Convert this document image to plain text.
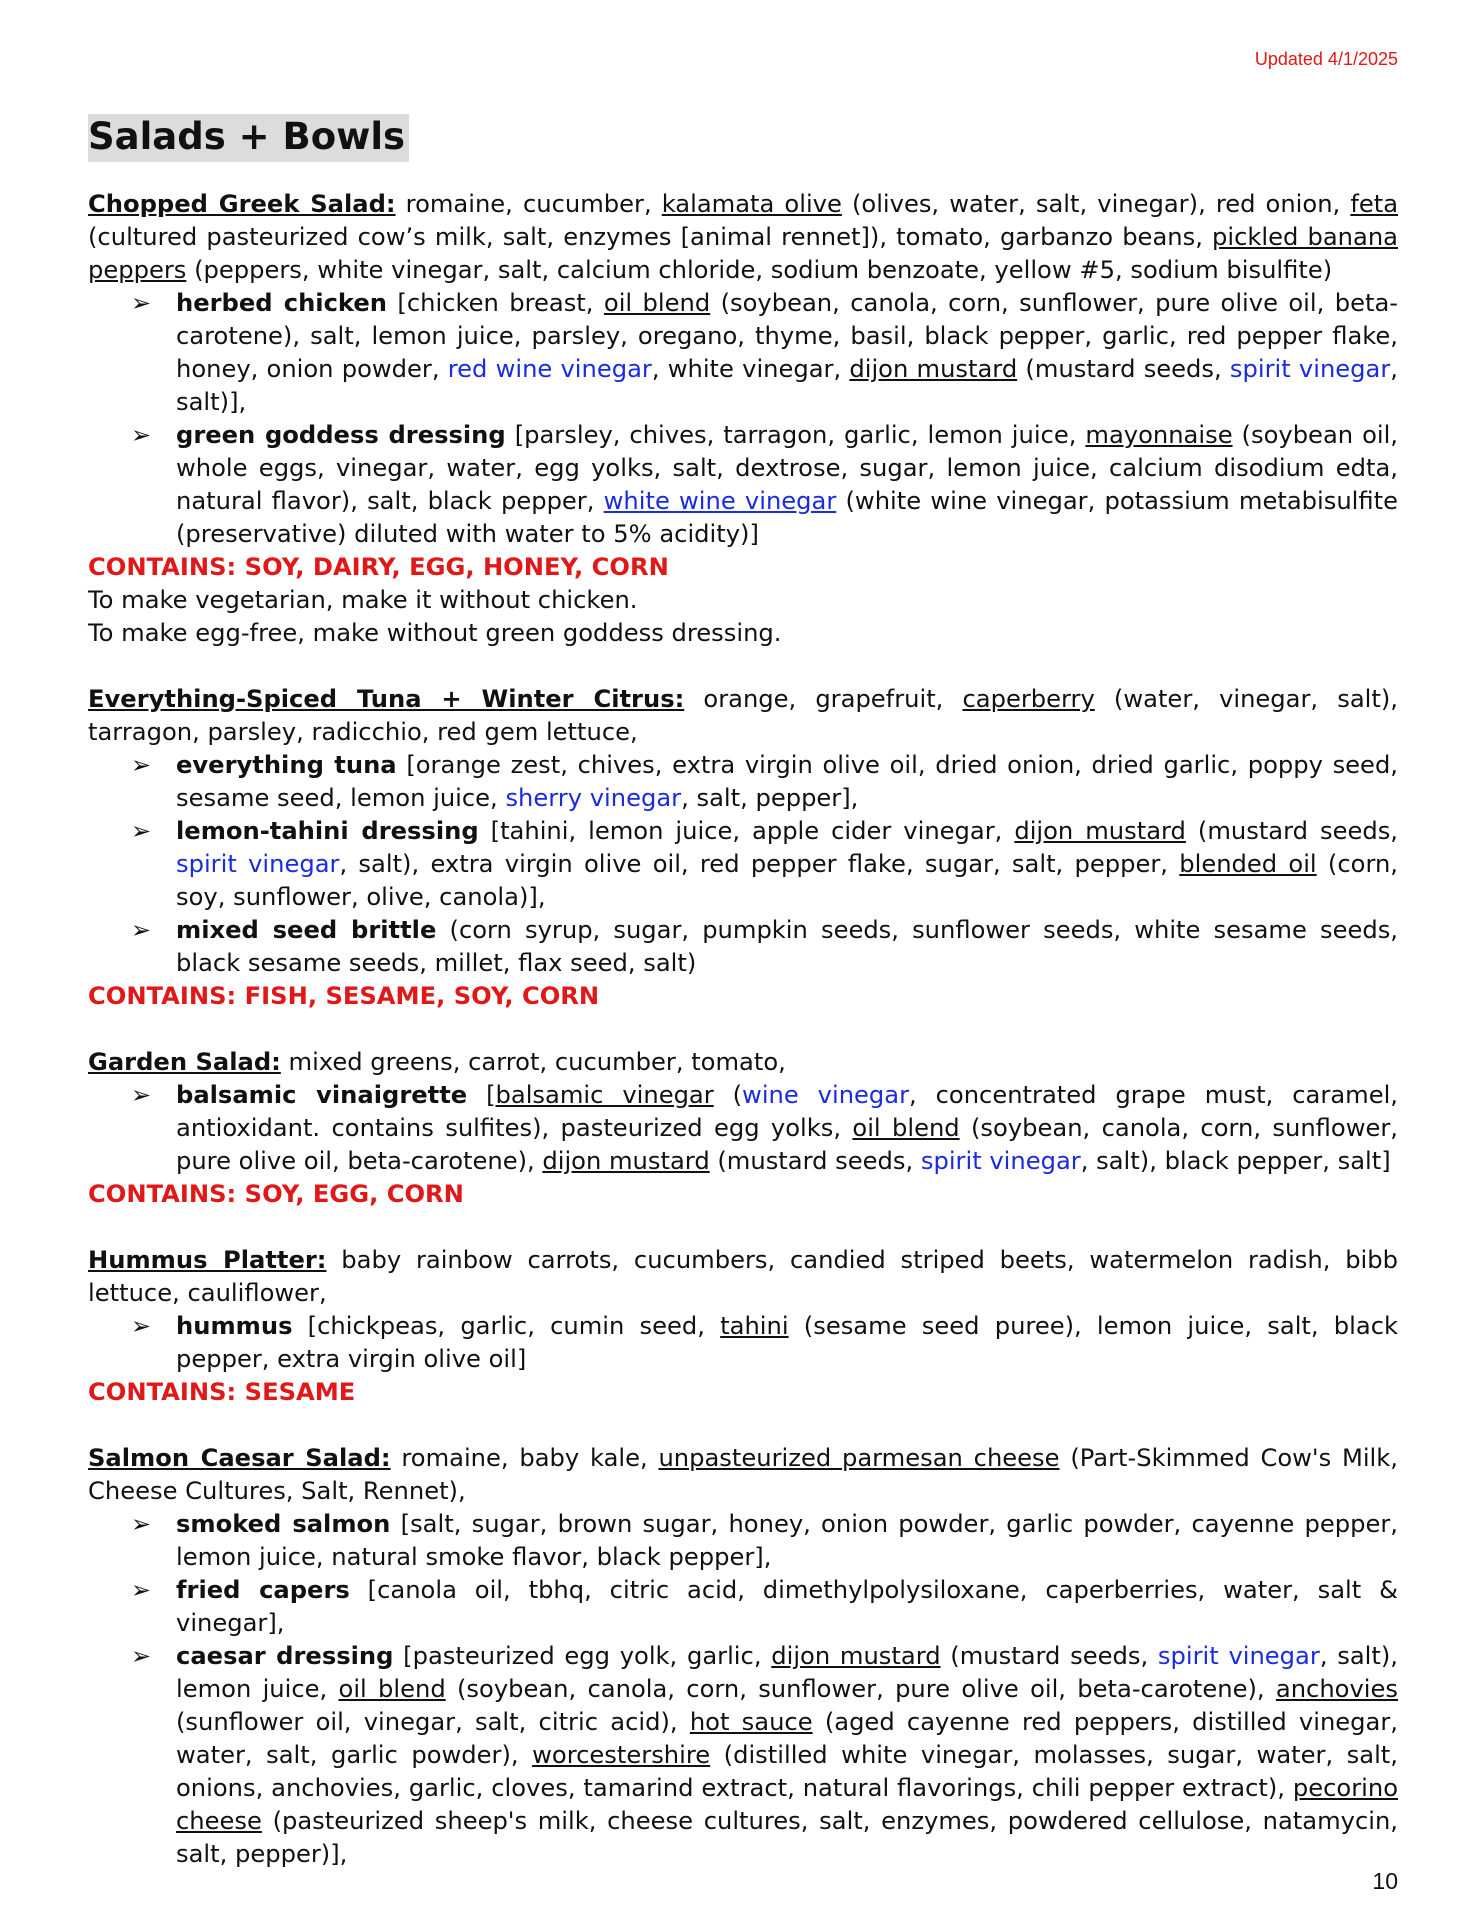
Updated 4/1/2025
Salads + Bowls

Chopped Greek Salad: romaine, cucumber, kalamata olive (olives, water, salt, vinegar), red onion, feta (cultured pasteurized cow’s milk, salt, enzymes [animal rennet]), tomato, garbanzo beans, pickled banana peppers (peppers, white vinegar, salt, calcium chloride, sodium benzoate, yellow #5, sodium bisulfite)

➢ herbed chicken [chicken breast, oil blend (soybean, canola, corn, sunflower, pure olive oil, beta-carotene), salt, lemon juice, parsley, oregano, thyme, basil, black pepper, garlic, red pepper flake, honey, onion powder, red wine vinegar, white vinegar, dijon mustard (mustard seeds, spirit vinegar, salt)],
➢ green goddess dressing [parsley, chives, tarragon, garlic, lemon juice, mayonnaise (soybean oil, whole eggs, vinegar, water, egg yolks, salt, dextrose, sugar, lemon juice, calcium disodium edta, natural flavor), salt, black pepper, white wine vinegar (white wine vinegar, potassium metabisulfite (preservative) diluted with water to 5% acidity)]

CONTAINS: SOY, DAIRY, EGG, HONEY, CORN

To make vegetarian, make it without chicken.

To make egg-free, make without green goddess dressing.

Everything-Spiced Tuna + Winter Citrus: orange, grapefruit, caperberry (water, vinegar, salt), tarragon, parsley, radicchio, red gem lettuce,

➢ everything tuna [orange zest, chives, extra virgin olive oil, dried onion, dried garlic, poppy seed, sesame seed, lemon juice, sherry vinegar, salt, pepper],
➢ lemon-tahini dressing [tahini, lemon juice, apple cider vinegar, dijon mustard (mustard seeds, spirit vinegar, salt), extra virgin olive oil, red pepper flake, sugar, salt, pepper, blended oil (corn, soy, sunflower, olive, canola)],
➢ mixed seed brittle (corn syrup, sugar, pumpkin seeds, sunflower seeds, white sesame seeds, black sesame seeds, millet, flax seed, salt)

CONTAINS: FISH, SESAME, SOY, CORN

Garden Salad: mixed greens, carrot, cucumber, tomato,

➢ balsamic vinaigrette [balsamic vinegar (wine vinegar, concentrated grape must, caramel, antioxidant. contains sulfites), pasteurized egg yolks, oil blend (soybean, canola, corn, sunflower, pure olive oil, beta-carotene), dijon mustard (mustard seeds, spirit vinegar, salt), black pepper, salt]

CONTAINS: SOY, EGG, CORN

Hummus Platter: baby rainbow carrots, cucumbers, candied striped beets, watermelon radish, bibb lettuce, cauliflower,

➢ hummus [chickpeas, garlic, cumin seed, tahini (sesame seed puree), lemon juice, salt, black pepper, extra virgin olive oil]

CONTAINS: SESAME

Salmon Caesar Salad: romaine, baby kale, unpasteurized parmesan cheese (Part-Skimmed Cow's Milk, Cheese Cultures, Salt, Rennet),

➢ smoked salmon [salt, sugar, brown sugar, honey, onion powder, garlic powder, cayenne pepper, lemon juice, natural smoke flavor, black pepper],
➢ fried capers [canola oil, tbhq, citric acid, dimethylpolysiloxane, caperberries, water, salt & vinegar],
➢ caesar dressing [pasteurized egg yolk, garlic, dijon mustard (mustard seeds, spirit vinegar, salt), lemon juice, oil blend (soybean, canola, corn, sunflower, pure olive oil, beta-carotene), anchovies (sunflower oil, vinegar, salt, citric acid), hot sauce (aged cayenne red peppers, distilled vinegar, water, salt, garlic powder), worcestershire (distilled white vinegar, molasses, sugar, water, salt, onions, anchovies, garlic, cloves, tamarind extract, natural flavorings, chili pepper extract), pecorino cheese (pasteurized sheep's milk, cheese cultures, salt, enzymes, powdered cellulose, natamycin, salt, pepper)],
10
